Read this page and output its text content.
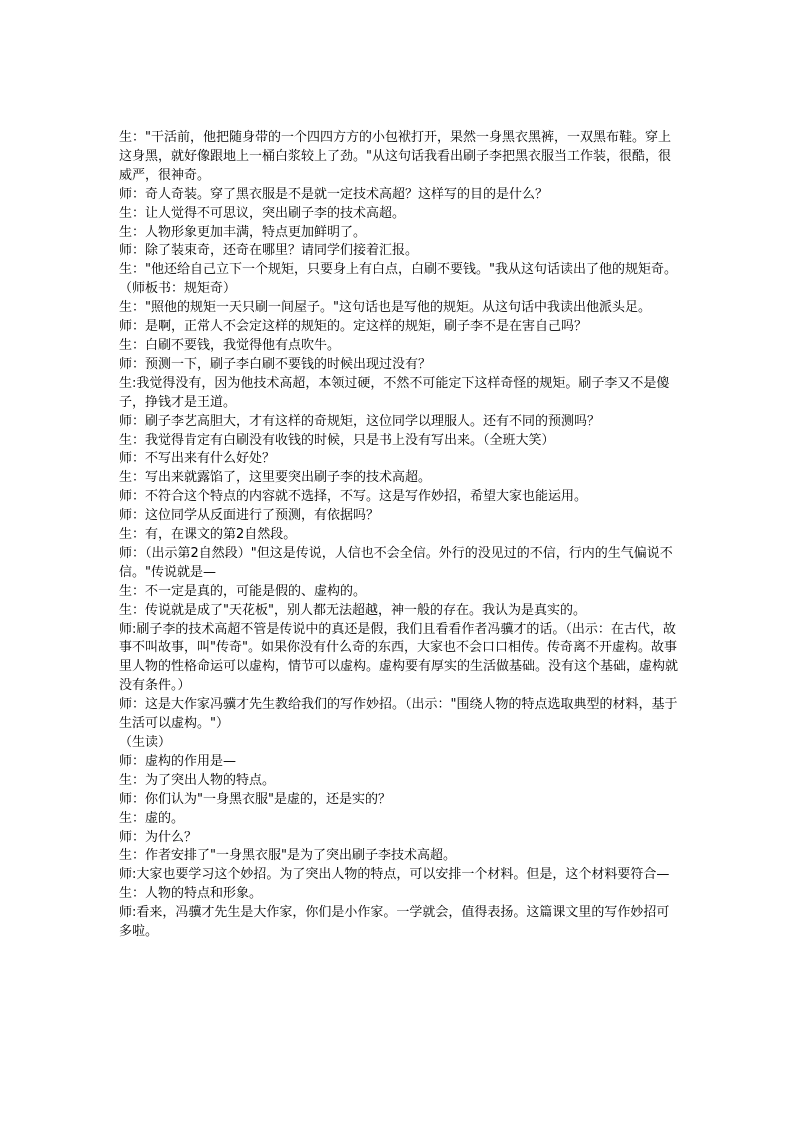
生："干活前，他把随身带的一个四四方方的小包袱打开，果然一身黑衣黑裤，一双黑布鞋。穿上这身黑，就好像跟地上一桶白浆较上了劲。"从这句话我看出刷子李把黑衣服当工作装，很酷，很威严，很神奇。

师：奇人奇装。穿了黑衣服是不是就一定技术高超？这样写的目的是什么？

生：让人觉得不可思议，突出刷子李的技术高超。

生：人物形象更加丰满，特点更加鲜明了。

师：除了装束奇，还奇在哪里？请同学们接着汇报。

生："他还给自己立下一个规矩，只要身上有白点，白刷不要钱。"我从这句话读出了他的规矩奇。

（师板书：规矩奇）

生："照他的规矩一天只刷一间屋子。"这句话也是写他的规矩。从这句话中我读出他派头足。

师：是啊，正常人不会定这样的规矩的。定这样的规矩，刷子李不是在害自己吗？

生：白刷不要钱，我觉得他有点吹牛。

师：预测一下，刷子李白刷不要钱的时候出现过没有？

生:我觉得没有，因为他技术高超，本领过硬，不然不可能定下这样奇怪的规矩。刷子李又不是傻子，挣钱才是王道。

师：刷子李艺高胆大，才有这样的奇规矩，这位同学以理服人。还有不同的预测吗？

生：我觉得肯定有白刷没有收钱的时候，只是书上没有写出来。（全班大笑）

师：不写出来有什么好处？

生：写出来就露馅了，这里要突出刷子李的技术高超。

师：不符合这个特点的内容就不选择，不写。这是写作妙招，希望大家也能运用。

师：这位同学从反面进行了预测，有依据吗？

生：有，在课文的第2自然段。

师：（出示第2自然段）"但这是传说，人信也不会全信。外行的没见过的不信，行内的生气偏说不信。"传说就是—

生：不一定是真的，可能是假的、虚构的。

生：传说就是成了"天花板"，别人都无法超越，神一般的存在。我认为是真实的。

师:刷子李的技术高超不管是传说中的真还是假，我们且看看作者冯骥才的话。（出示：在古代，故事不叫故事，叫"传奇"。如果你没有什么奇的东西，大家也不会口口相传。传奇离不开虚构。故事里人物的性格命运可以虚构，情节可以虚构。虚构要有厚实的生活做基础。没有这个基础，虚构就没有条件。）

师：这是大作家冯骥才先生教给我们的写作妙招。（出示："围绕人物的特点选取典型的材料，基于生活可以虚构。"）

（生读）

师：虚构的作用是—

生：为了突出人物的特点。

师：你们认为"一身黑衣服"是虚的，还是实的？

生：虚的。

师：为什么？

生：作者安排了"一身黑衣服"是为了突出刷子李技术高超。

师:大家也要学习这个妙招。为了突出人物的特点，可以安排一个材料。但是，这个材料要符合—生：人物的特点和形象。

师:看来，冯骥才先生是大作家，你们是小作家。一学就会，值得表扬。这篇课文里的写作妙招可多啦。
